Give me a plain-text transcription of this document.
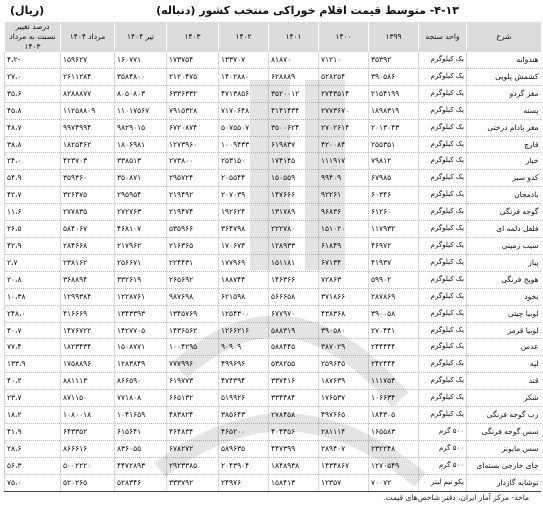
۴-۱۳- متوسط قیمت اقلام خوراکی منتخب کشور (دنباله)
(ریال)
شرح	واحد سنجه	۱۳۹۹	۱۴۰۰	۱۴۰۱	۱۴۰۲	۱۴۰۳	تیر ۱۴۰۴	مرداد ۱۴۰۴	درصد تغییر نسبت به مرداد ۱۴۰۳
هندوانه	یک کیلوگرم	۳۵۳۹۲	۷۱۲۱۰	۸۱۸۷۰	۱۳۳۷۰۷	۱۷۳۷۵۴	۱۶۰۷۷۱	۱۵۹۶۲۷	-۴،۲
کشمش پلویی	یک کیلوگرم	۳۹۰۵۸۶	۵۲۸۲۵۴	۶۲۸۸۸۹	۱۴۰۲۸۸۰	۲۱۲۰۴۷۵	۳۵۸۴۸۰۰	۲۶۱۱۲۸۴	۲۷،۰
مغز گردو	یک کیلوگرم	۲۱۵۴۱۹۹	۲۷۴۳۵۱۴	۳۵۲۰۰۱۲	۴۷۱۳۸۵۶	۶۳۳۶۳۳۲	۸۰۵۰۸۰۳	۸۲۸۸۸۷۷	۳۵،۶
پسته	یک کیلوگرم	۱۸۹۸۳۱۹	۲۷۷۳۶۷۰	۴۱۴۱۴۳۴	۷۱۷۰۶۴۸	۷۹۱۵۳۲۸	۱۱۰۱۷۵۶۷	۱۱۲۵۸۸۰۹	۴۵،۸
مغز بادام درختی	یک کیلوگرم	۲۰۱۳۰۴۳	۲۷۰۲۶۱۴	۳۵۰۰۶۲۴	۵۰۷۵۵۰۷	۶۷۲۰۸۷۴	۹۸۲۹۰۱۵	۹۹۷۴۹۹۴	۴۸،۷
قارچ	یک کیلوگرم	۲۵۵۳۵۱	۴۲۰۰۸۴	۶۱۹۸۳۷	۱۰۰۹۴۳۳	۱۲۷۳۹۶۰	۱۸۰۶۹۸۱	۱۸۲۵۴۶۲	۳۸،۸
خیار	یک کیلوگرم	۷۹۸۱۲	۱۱۱۹۱۷	۱۷۴۱۴۵	۲۵۳۱۵۰	۲۷۳۸۰۰	۳۳۸۵۱۳	۴۲۳۷۰۳	۲۴،۰
کدو سبز	یک کیلوگرم	۶۷۹۸۵	۹۹۴۰۹	۱۵۰۵۵۹	۲۰۵۵۴۴	۲۹۵۷۲۴	۳۵۰۸۷۱	۳۵۹۳۶۰	۵۴،۹
بادمجان	یک کیلوگرم	۶۰۳۴۶	۹۲۲۶۱	۱۴۷۶۶۶	۲۰۷۰۳۹	۲۱۹۴۹۲	۲۹۵۹۵۴	۳۲۶۴۷۵	۴۲،۷
گوجه فرنگی	یک کیلوگرم	۶۱۲۶۰	۹۶۸۳۶	۱۳۱۷۸۹	۱۹۲۶۲۴	۲۱۹۴۷۴	۲۷۲۷۶۳	۲۷۷۸۳۵	۱۱،۶
فلفل دلمه ای	یک کیلوگرم	۱۱۷۹۳۲	۱۵۱۰۲۰	۲۲۲۷۸۰	۳۶۴۷۹۸	۵۳۵۹۶۶	۴۶۸۱۰۷	۵۸۴۰۶۷	۲۶،۵
سیب زمینی	یک کیلوگرم	۴۶۹۷۲	۶۱۸۴۹	۱۲۸۹۳۳	۱۷۰۶۷۴	۲۱۶۳۶۵	۲۱۷۹۶۲	۲۸۴۶۶۸	۴۲،۹
پیاز	یک کیلوگرم	۴۱۹۳۷	۶۷۱۳۴	۱۵۱۱۸۱	۱۷۷۹۶۹	۲۲۴۴۳۱	۲۵۶۶۷۱	۲۳۸۱۶۲	۲،۷
هویج فرنگی	یک کیلوگرم	۵۹۹۰۲	۷۲۸۶۳	۱۴۶۳۶۶	۱۸۸۷۴۴	۲۶۵۶۹۲	۳۳۲۶۱۹	۳۶۸۸۹۴	۲۰،۸
نخود	یک کیلوگرم	۲۸۷۸۶۹	۳۷۱۸۶۶	۵۶۶۶۵۸	۶۲۱۵۹۸	۹۸۷۶۹۸	۱۲۲۸۷۶۱	۱۲۹۹۳۸۴	۱۰،۳۸
لوبیا چیتی	یک کیلوگرم	۳۹۰۰۵۸	۴۳۸۳۶۸	۶۷۷۹۷۰	۱۲۵۴۳۰۰	۱۳۴۵۷۶۹	۱۳۴۳۳۹۳	۴۱۶۶۶۹	۲۴۸،۰
لوبیا قرمز	یک کیلوگرم	۲۷۰۴۴۱	۳۹۰۵۸۰	۵۸۸۳۱۹	۱۲۶۶۲۱۶	۱۴۳۶۵۶۲	۱۴۲۷۷۰۵	۱۴۷۶۷۲۲	۴۰،۷
عدس	یک کیلوگرم	۲۴۴۴۴۴	۳۸۷۰۲۹	۵۸۸۴۴۵	۹۰۹۰۹	۱۰۰۴۲۹۵	۱۵۰۸۷۷۱	۱۸۲۳۴۳۴	۷۷،۴
لپه	یک کیلوگرم	۲۴۲۴۴۴	۲۵۹۶۴۵	۵۳۸۲۵۵	۴۹۹۶۹۶	۷۷۷۹۹۶	۱۲۸۳۸۴۹	۱۷۵۸۸۹۶	۱۳۳،۹
قند	یک کیلوگرم	۱۱۱۷۵۴	۱۸۷۶۳۹	۳۳۷۴۱۶	۴۷۴۳۹۴	۶۱۹۷۷۳	۸۶۶۵۹۰	۸۸۱۱۱۳	۴۰،۲
شکر	یک کیلوگرم	۱۰۶۶۳۴	۱۷۶۵۳۷	۳۳۴۴۸۴	۵۱۹۹۲۶	۶۶۵۱۳۲	۷۷۱۸۰۸	۸۷۱۱۵۰	۲۳،۷
رب گوجه فرنگی	یک کیلوگرم	۱۸۴۳۰۵	۴۹۷۶۶۵	۲۷۸۴۵۸	۳۸۵۶۴۳	۴۸۳۸۲۴	۱۰۴۱۶۵۹	۱۰۸۰۰۱۸	۱۸،۲
سس گوجه فرنگی	۵۰۰ گرم	۱۶۵۵۸۳	۲۸۱۱۱۴	۴۰۴۴۵۶	۴۶۵۲۰۰	۴۶۴۸۳۴	۶۱۵۶۴۱	۶۴۳۳۵۲	۴۱،۹
سس مایونز	۵۰۰ گرم	۲۳۲۲۴۸	۲۸۹۴۰۷	۴۴۷۳۹۹	۵۸۹۶۳۵	۶۷۸۲۷۲	۸۳۶۰۵۵	۸۶۶۶۱۶	۲۸،۶
چای خارجی بسته‌ای	۵۰۰ گرم	۱۲۷۰۵۴۹	۱۴۳۴۸۶۷	۱۸۴۸۹۳۸	۲۰۴۳۹۰۴	۲۹۲۳۳۸۵	۴۴۷۲۸۹۳	۵۰۰۲۲۲۰	۵۶،۳
نوشابه گازدار	یکو نیم لیتر	۷۰۰۷۲	۱۲۳۵۷	۱۵۸۴۱۳	۲۴۹۷۶	۳۳۳۷۹۲	۵۲۸۳۴۶	۵۲۰۲۶۵	۷۵،۰
ماخذ- مرکز آمار ایران، دفتر شاخص‌های قیمت.
